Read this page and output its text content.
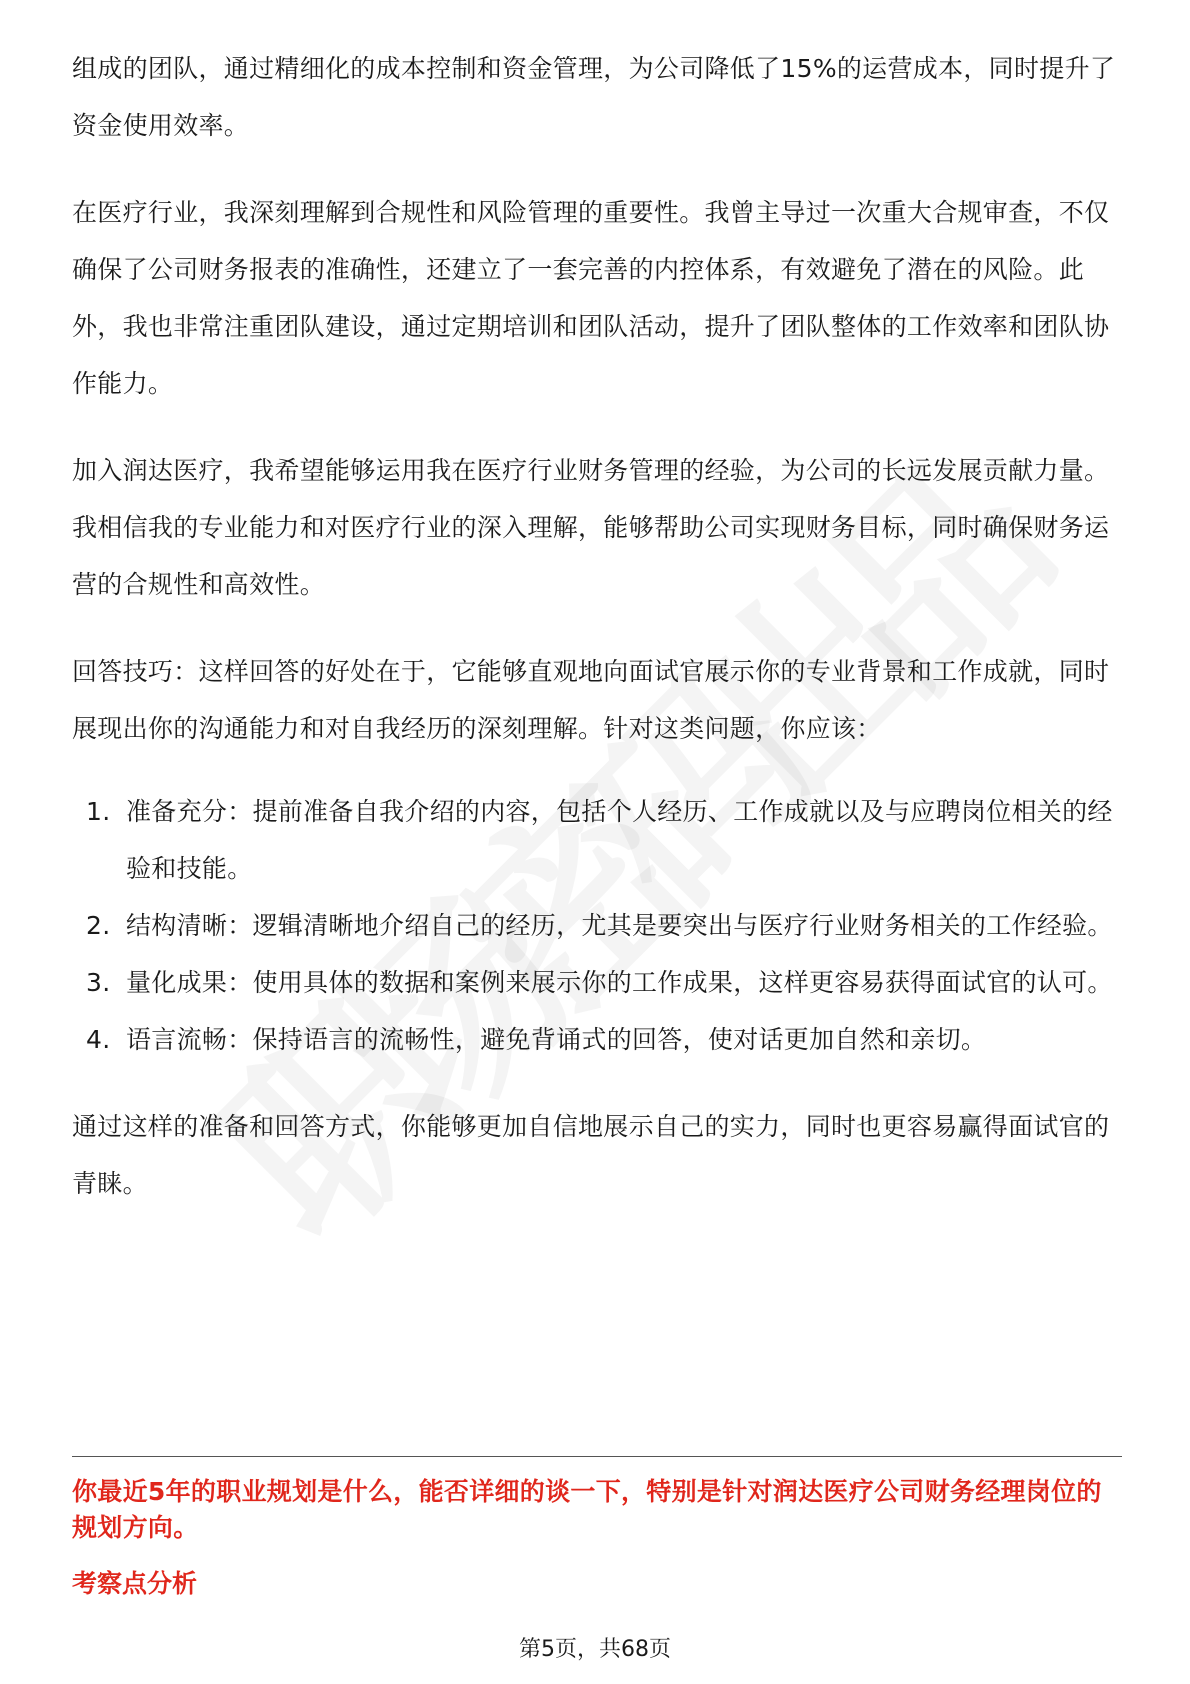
组成的团队，通过精细化的成本控制和资金管理，为公司降低了15%的运营成本，同时提升了资金使用效率。

在医疗行业，我深刻理解到合规性和风险管理的重要性。我曾主导过一次重大合规审查，不仅确保了公司财务报表的准确性，还建立了一套完善的内控体系，有效避免了潜在的风险。此外，我也非常注重团队建设，通过定期培训和团队活动，提升了团队整体的工作效率和团队协作能力。

加入润达医疗，我希望能够运用我在医疗行业财务管理的经验，为公司的长远发展贡献力量。我相信我的专业能力和对医疗行业的深入理解，能够帮助公司实现财务目标，同时确保财务运营的合规性和高效性。

回答技巧：这样回答的好处在于，它能够直观地向面试官展示你的专业背景和工作成就，同时展现出你的沟通能力和对自我经历的深刻理解。针对这类问题，你应该：

1. 准备充分：提前准备自我介绍的内容，包括个人经历、工作成就以及与应聘岗位相关的经验和技能。
2. 结构清晰：逻辑清晰地介绍自己的经历，尤其是要突出与医疗行业财务相关的工作经验。
3. 量化成果：使用具体的数据和案例来展示你的工作成果，这样更容易获得面试官的认可。
4. 语言流畅：保持语言的流畅性，避免背诵式的回答，使对话更加自然和亲切。

通过这样的准备和回答方式，你能够更加自信地展示自己的实力，同时也更容易赢得面试官的青睐。

你最近5年的职业规划是什么，能否详细的谈一下，特别是针对润达医疗公司财务经理岗位的规划方向。
考察点分析
第5页，共68页
